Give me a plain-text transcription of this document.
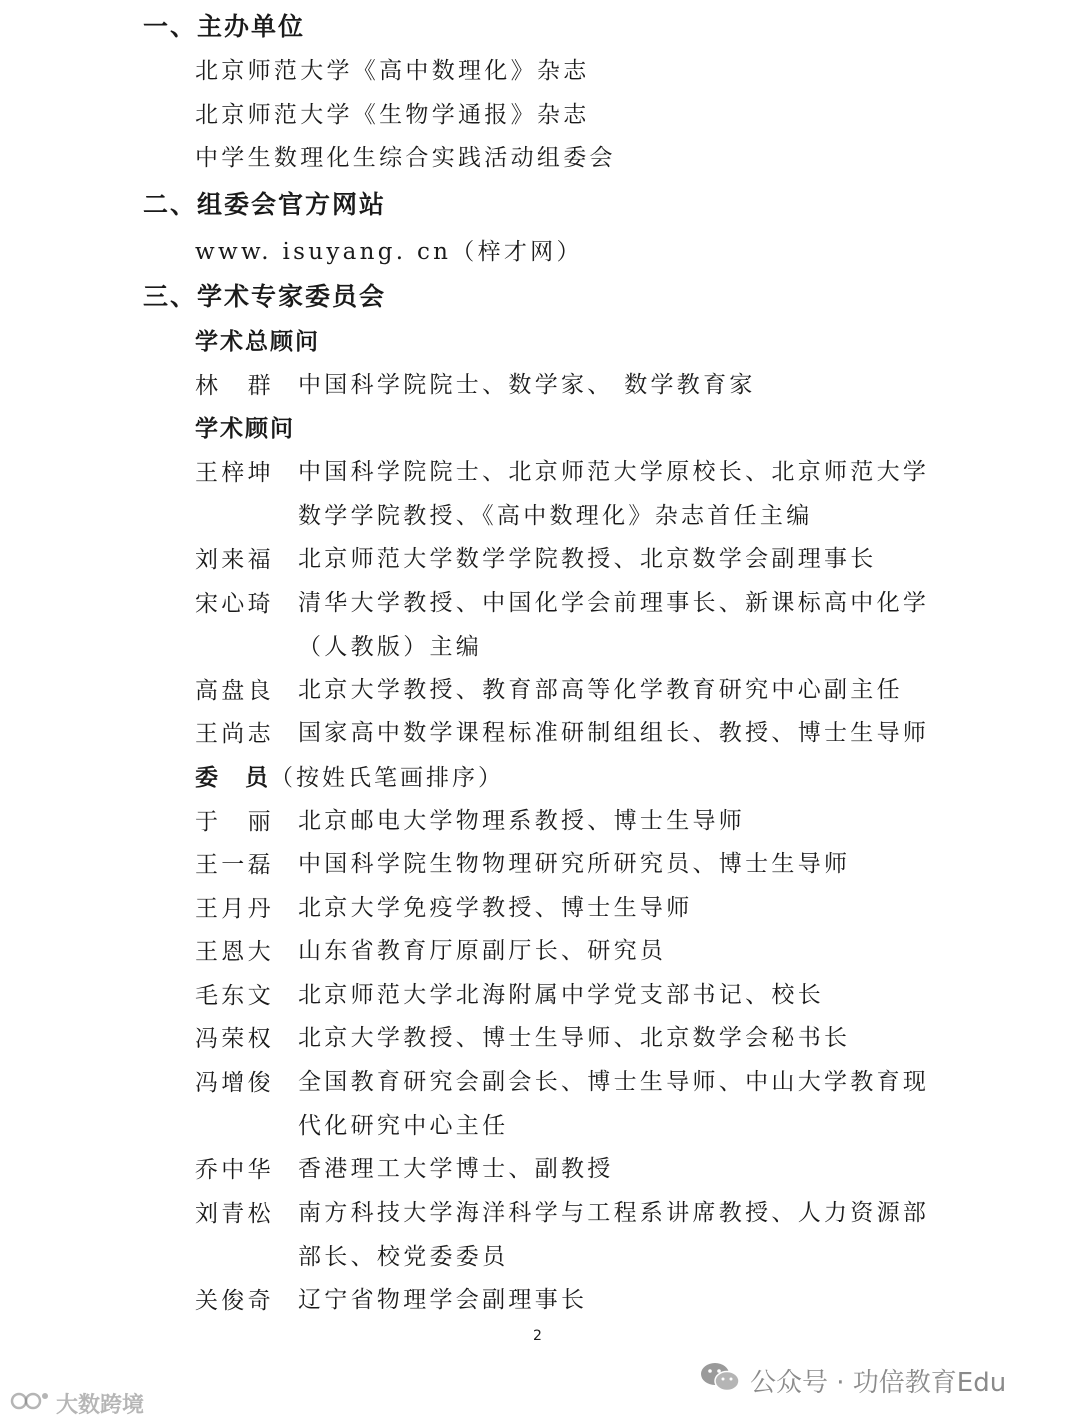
一、主办单位
北京师范大学《高中数理化》杂志
北京师范大学《生物学通报》杂志
中学生数理化生综合实践活动组委会
二、组委会官方网站
www. isuyang. cn（梓才网）
三、学术专家委员会
学术总顾问
林　群 中国科学院院士、数学家、 数学教育家
学术顾问
王梓坤 中国科学院院士、北京师范大学原校长、北京师范大学数学学院教授、《高中数理化》杂志首任主编
刘来福 北京师范大学数学学院教授、北京数学会副理事长
宋心琦 清华大学教授、中国化学会前理事长、新课标高中化学（人教版）主编
高盘良 北京大学教授、教育部高等化学教育研究中心副主任
王尚志 国家高中数学课程标准研制组组长、教授、博士生导师
委　员（按姓氏笔画排序）
于　丽 北京邮电大学物理系教授、博士生导师
王一磊 中国科学院生物物理研究所研究员、博士生导师
王月丹 北京大学免疫学教授、博士生导师
王恩大 山东省教育厅原副厅长、研究员
毛东文 北京师范大学北海附属中学党支部书记、校长
冯荣权 北京大学教授、博士生导师、北京数学会秘书长
冯增俊 全国教育研究会副会长、博士生导师、中山大学教育现代化研究中心主任
乔中华 香港理工大学博士、副教授
刘青松 南方科技大学海洋科学与工程系讲席教授、人力资源部部长、校党委委员
关俊奇 辽宁省物理学会副理事长
2
大数跨境
公众号 · 功倍教育Edu
